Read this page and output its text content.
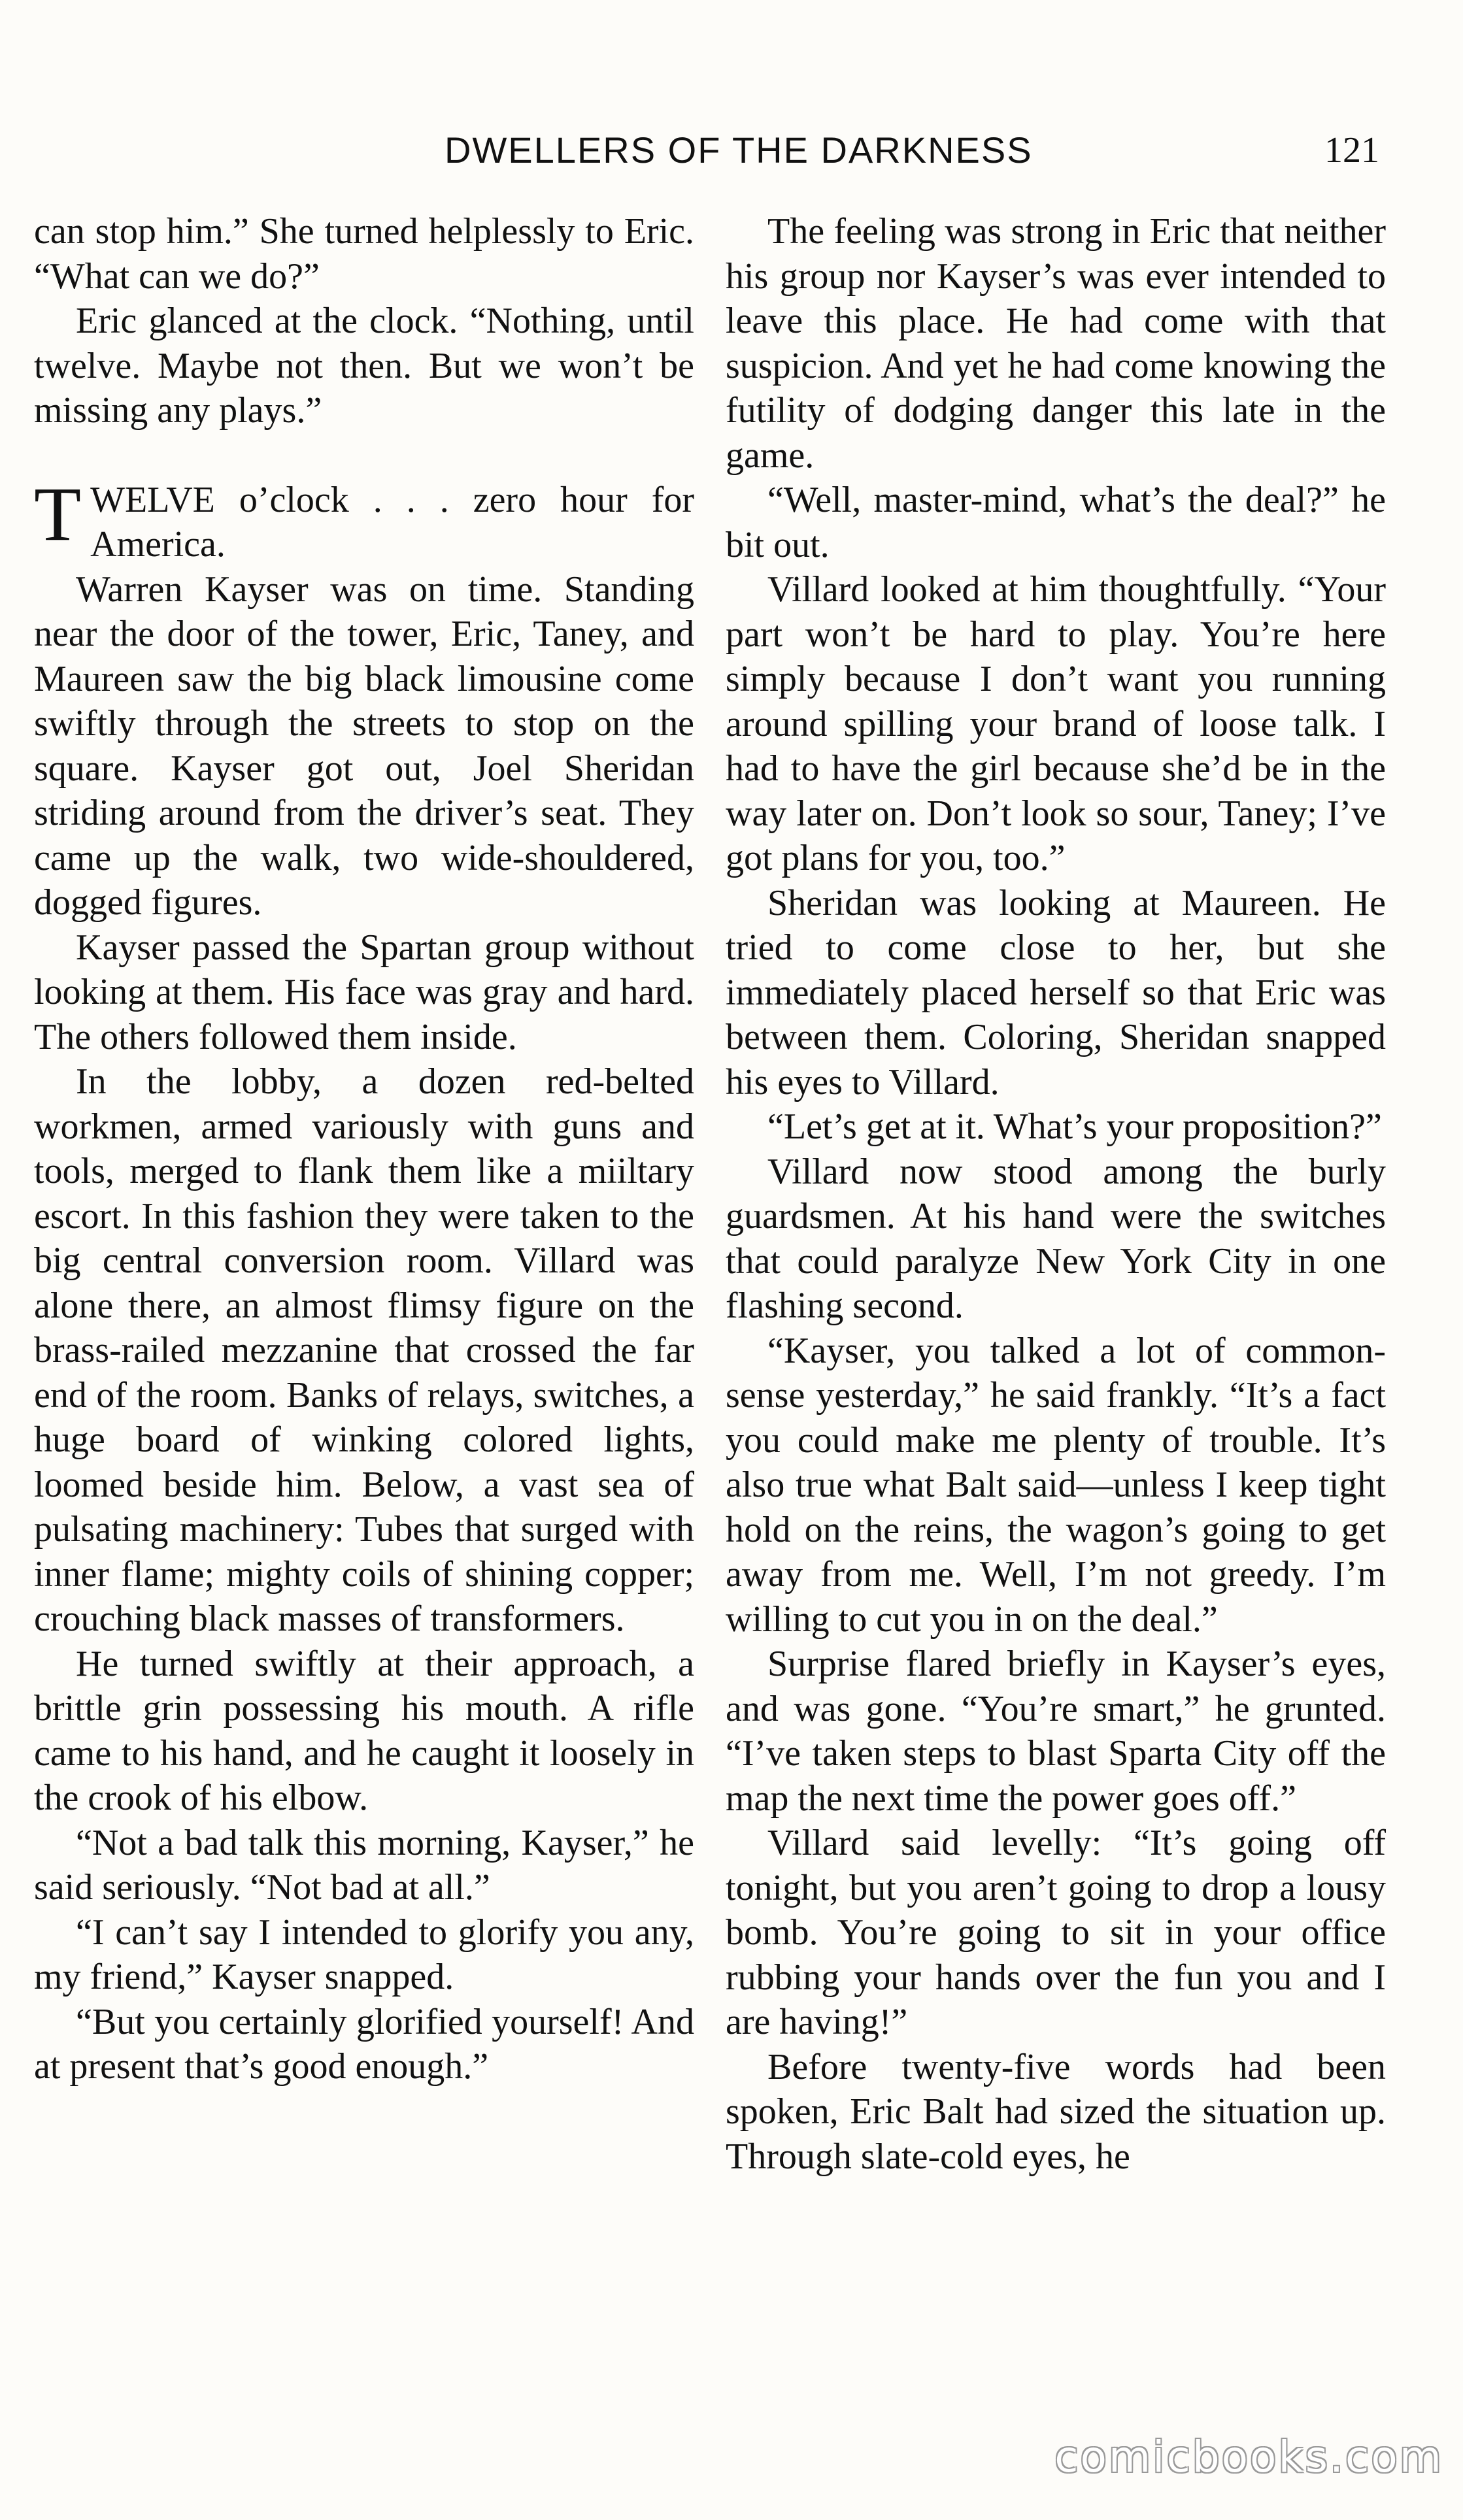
DWELLERS OF THE DARKNESS	121

can stop him.” She turned helplessly to Eric. “What can we do?”

Eric glanced at the clock. “Nothing, until twelve. Maybe not then. But we won’t be missing any plays.”

TWELVE o’clock . . . zero hour for America.

Warren Kayser was on time. Standing near the door of the tower, Eric, Taney, and Maureen saw the big black limousine come swiftly through the streets to stop on the square. Kayser got out, Joel Sheridan striding around from the driver’s seat. They came up the walk, two wide-shouldered, dogged figures.

Kayser passed the Spartan group without looking at them. His face was gray and hard. The others followed them inside.

In the lobby, a dozen red-belted workmen, armed variously with guns and tools, merged to flank them like a miiltary escort. In this fashion they were taken to the big central conversion room. Villard was alone there, an almost flimsy figure on the brass-railed mezzanine that crossed the far end of the room. Banks of relays, switches, a huge board of winking colored lights, loomed beside him. Below, a vast sea of pulsating machinery: Tubes that surged with inner flame; mighty coils of shining copper; crouching black masses of transformers.

He turned swiftly at their approach, a brittle grin possessing his mouth. A rifle came to his hand, and he caught it loosely in the crook of his elbow.

“Not a bad talk this morning, Kayser,” he said seriously. “Not bad at all.”

“I can’t say I intended to glorify you any, my friend,” Kayser snapped.

“But you certainly glorified yourself! And at present that’s good enough.”

The feeling was strong in Eric that neither his group nor Kayser’s was ever intended to leave this place. He had come with that suspicion. And yet he had come knowing the futility of dodging danger this late in the game.

“Well, master-mind, what’s the deal?” he bit out.

Villard looked at him thoughtfully. “Your part won’t be hard to play. You’re here simply because I don’t want you running around spilling your brand of loose talk. I had to have the girl because she’d be in the way later on. Don’t look so sour, Taney; I’ve got plans for you, too.”

Sheridan was looking at Maureen. He tried to come close to her, but she immediately placed herself so that Eric was between them. Coloring, Sheridan snapped his eyes to Villard.

“Let’s get at it. What’s your proposition?”

Villard now stood among the burly guardsmen. At his hand were the switches that could paralyze New York City in one flashing second.

“Kayser, you talked a lot of common-sense yesterday,” he said frankly. “It’s a fact you could make me plenty of trouble. It’s also true what Balt said—unless I keep tight hold on the reins, the wagon’s going to get away from me. Well, I’m not greedy. I’m willing to cut you in on the deal.”

Surprise flared briefly in Kayser’s eyes, and was gone. “You’re smart,” he grunted. “I’ve taken steps to blast Sparta City off the map the next time the power goes off.”

Villard said levelly: “It’s going off tonight, but you aren’t going to drop a lousy bomb. You’re going to sit in your office rubbing your hands over the fun you and I are having!”

Before twenty-five words had been spoken, Eric Balt had sized the situation up. Through slate-cold eyes, he

comicbooks.com
